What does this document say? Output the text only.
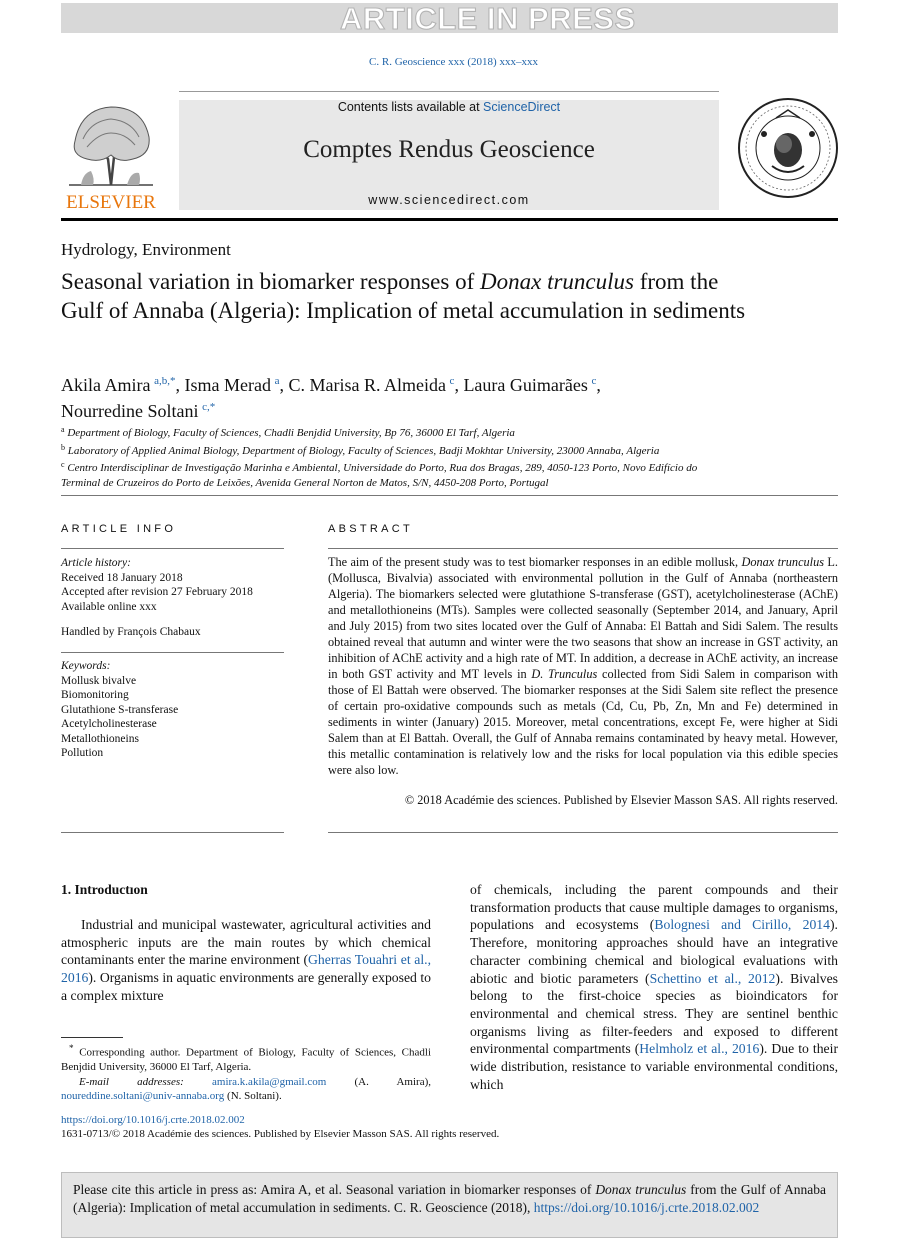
ARTICLE IN PRESS
C. R. Geoscience xxx (2018) xxx–xxx
Contents lists available at ScienceDirect
Comptes Rendus Geoscience
www.sciencedirect.com
ELSEVIER
Hydrology, Environment
Seasonal variation in biomarker responses of Donax trunculus from the Gulf of Annaba (Algeria): Implication of metal accumulation in sediments
Akila Amira  $^{a,b,*}$, Isma Merad  $^a$, C. Marisa R. Almeida  $^c$, Laura Guimarães  $^c$,
Nourredine Soltani  $^{c,*}$
$^a$ Department of Biology, Faculty of Sciences, Chadli Benjdid University, Bp 76, 36000 El Tarf, Algeria
$^b$ Laboratory of Applied Animal Biology, Department of Biology, Faculty of Sciences, Badji Mokhtar University, 23000 Annaba, Algeria
$^c$ Centro Interdisciplinar de Investigação Marinha e Ambiental, Universidade do Porto, Rua dos Bragas, 289, 4050-123 Porto, Novo Edifício do Terminal de Cruzeiros do Porto de Leixões, Avenida General Norton de Matos, S/N, 4450-208 Porto, Portugal
ARTICLE INFO	ABSTRACT
Article history:
Received 18 January 2018
Accepted after revision 27 February 2018
Available online xxx
Handled by François Chabaux
Keywords:
Mollusk bivalve
Biomonitoring
Glutathione S-transferase
Acetylcholinesterase
Metallothioneins
Pollution
The aim of the present study was to test biomarker responses in an edible mollusk, Donax trunculus L. (Mollusca, Bivalvia) associated with environmental pollution in the Gulf of Annaba (northeastern Algeria). The biomarkers selected were glutathione S-transferase (GST), acetylcholinesterase (AChE) and metallothioneins (MTs). Samples were collected seasonally (September 2014, and January, April and July 2015) from two sites located over the Gulf of Annaba: El Battah and Sidi Salem. The results obtained reveal that autumn and winter were the two seasons that show an increase in GST activity, an inhibition of AChE activity and a high rate of MT. In addition, a decrease in AChE activity, an increase in both GST activity and MT levels in D. Trunculus collected from Sidi Salem in comparison with those of El Battah were observed. The biomarker responses at the Sidi Salem site reflect the presence of certain pro-oxidative compounds such as metals (Cd, Cu, Pb, Zn, Mn and Fe) determined in sediments in winter (January) 2015. Moreover, metal concentrations, except Fe, were higher at Sidi Salem than at El Battah. Overall, the Gulf of Annaba remains contaminated by heavy metal. However, this metallic contamination is relatively low and the risks for local population via this edible species were also low.
© 2018 Académie des sciences. Published by Elsevier Masson SAS. All rights reserved.
1. Introductıon
Industrial and municipal wastewater, agricultural activities and atmospheric inputs are the main routes by which chemical contaminants enter the marine environment (Gherras Touahri et al., 2016). Organisms in aquatic environments are generally exposed to a complex mixture
of chemicals, including the parent compounds and their transformation products that cause multiple damages to organisms, populations and ecosystems (Bolognesi and Cirillo, 2014). Therefore, monitoring approaches should have an integrative character combining chemical and biological evaluations with abiotic and biotic parameters (Schettino et al., 2012). Bivalves belong to the first-choice species as bioindicators for environmental and chemical stress. They are sentinel benthic organisms living as filter-feeders and exposed to different environmental compartments (Helmholz et al., 2016). Due to their wide distribution, resistance to variable environmental conditions, which
* Corresponding author. Department of Biology, Faculty of Sciences, Chadli Benjdid University, 36000 El Tarf, Algeria.
E-mail addresses: amira.k.akila@gmail.com (A. Amira), noureddine.soltani@univ-annaba.org (N. Soltani).
https://doi.org/10.1016/j.crte.2018.02.002
1631-0713/© 2018 Académie des sciences. Published by Elsevier Masson SAS. All rights reserved.
Please cite this article in press as: Amira A, et al. Seasonal variation in biomarker responses of Donax trunculus from the Gulf of Annaba (Algeria): Implication of metal accumulation in sediments. C. R. Geoscience (2018), https://doi.org/10.1016/j.crte.2018.02.002
